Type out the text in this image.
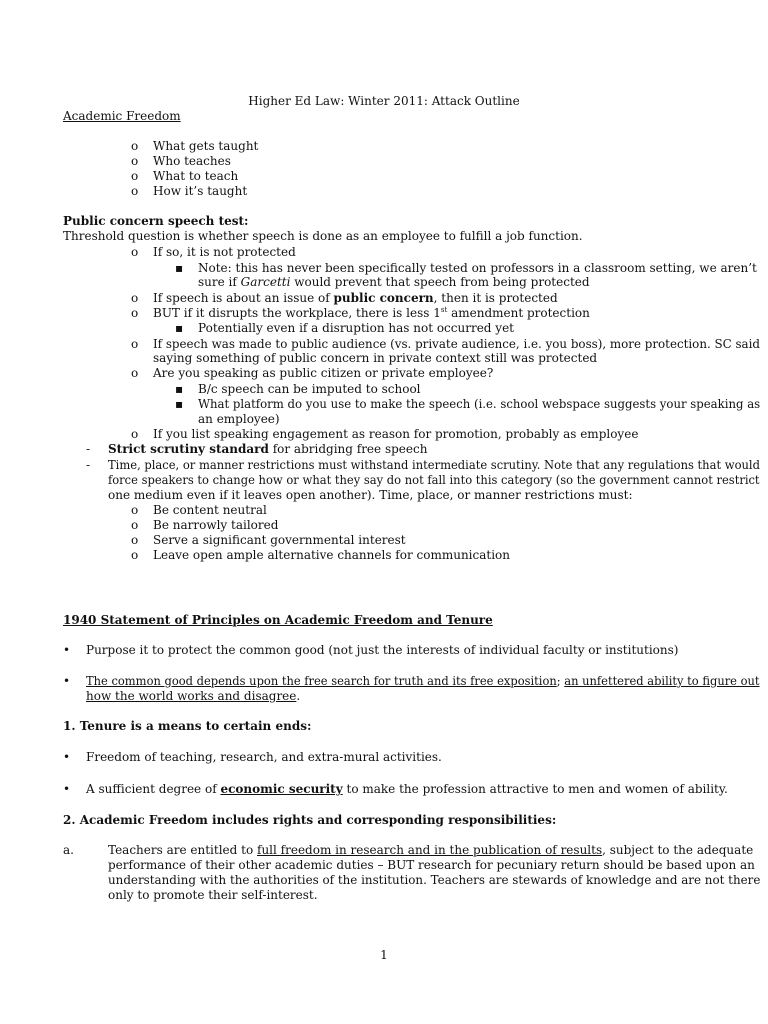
Higher Ed Law: Winter 2011: Attack Outline
Academic Freedom
o What gets taught
o Who teaches
o What to teach
o How it’s taught
Public concern speech test:
Threshold question is whether speech is done as an employee to fulfill a job function.
o If so, it is not protected
▪ Note: this has never been specifically tested on professors in a classroom setting, we aren’t
sure if Garcetti would prevent that speech from being protected
o If speech is about an issue of public concern, then it is protected
o BUT if it disrupts the workplace, there is less 1st amendment protection
▪ Potentially even if a disruption has not occurred yet
o If speech was made to public audience (vs. private audience, i.e. you boss), more protection. SC said
saying something of public concern in private context still was protected
o Are you speaking as public citizen or private employee?
▪ B/c speech can be imputed to school
▪ What platform do you use to make the speech (i.e. school webspace suggests your speaking as
an employee)
o If you list speaking engagement as reason for promotion, probably as employee
- Strict scrutiny standard for abridging free speech
- Time, place, or manner restrictions must withstand intermediate scrutiny. Note that any regulations that would
force speakers to change how or what they say do not fall into this category (so the government cannot restrict
one medium even if it leaves open another). Time, place, or manner restrictions must:
o Be content neutral
o Be narrowly tailored
o Serve a significant governmental interest
o Leave open ample alternative channels for communication
1940 Statement of Principles on Academic Freedom and Tenure
• Purpose it to protect the common good (not just the interests of individual faculty or institutions)
• The common good depends upon the free search for truth and its free exposition; an unfettered ability to figure out
how the world works and disagree.
1. Tenure is a means to certain ends:
• Freedom of teaching, research, and extra-mural activities.
• A sufficient degree of economic security to make the profession attractive to men and women of ability.
2. Academic Freedom includes rights and corresponding responsibilities:
a.	Teachers are entitled to full freedom in research and in the publication of results, subject to the adequate
performance of their other academic duties – BUT research for pecuniary return should be based upon an
understanding with the authorities of the institution. Teachers are stewards of knowledge and are not there
only to promote their self-interest.
1
